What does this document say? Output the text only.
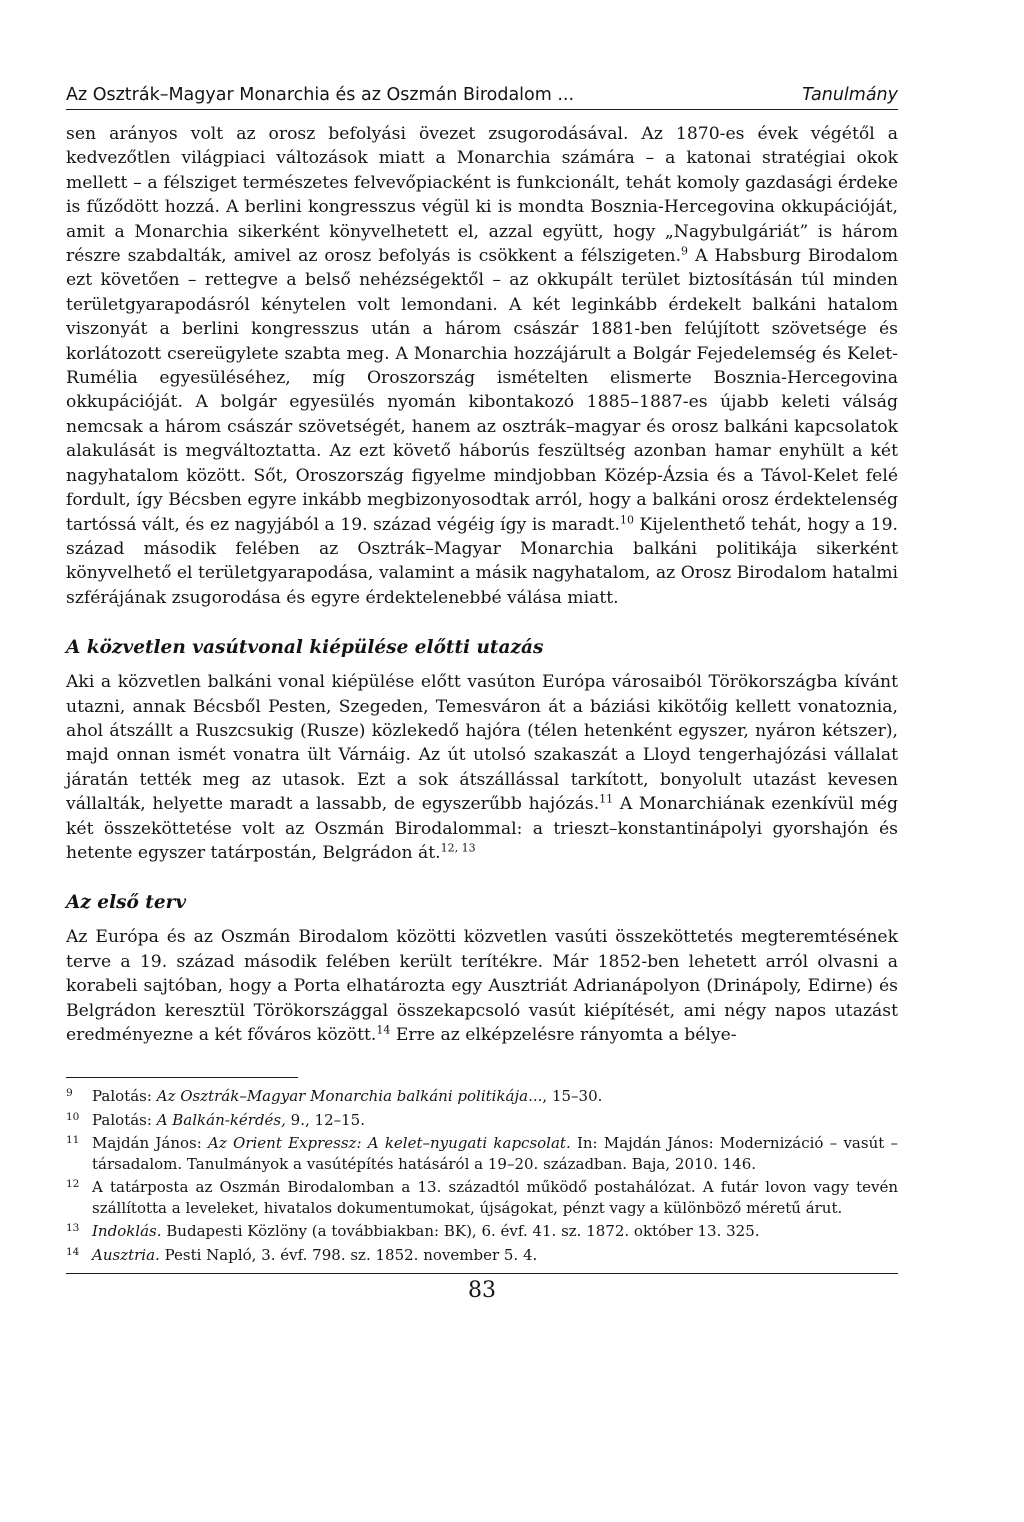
Az Osztrák–Magyar Monarchia és az Oszmán Birodalom ...	Tanulmány

sen arányos volt az orosz befolyási övezet zsugorodásával. Az 1870-es évek végétől a kedvezőtlen világpiaci változások miatt a Monarchia számára – a katonai stratégiai okok mellett – a félsziget természetes felvevőpiacként is funkcionált, tehát komoly gazdasági érdeke is fűződött hozzá. A berlini kongresszus végül ki is mondta Bosznia-Hercegovina okkupációját, amit a Monarchia sikerként könyvelhetett el, azzal együtt, hogy „Nagybulgáriát” is három részre szabdalták, amivel az orosz befolyás is csökkent a félszigeten.$^9$ A Habsburg Birodalom ezt követően – rettegve a belső nehézségektől – az okkupált terület biztosításán túl minden területgyarapodásról kénytelen volt lemondani. A két leginkább érdekelt balkáni hatalom viszonyát a berlini kongresszus után a három császár 1881-ben felújított szövetsége és korlátozott csereügylete szabta meg. A Monarchia hozzájárult a Bolgár Fejedelemség és Kelet-Rumélia egyesüléséhez, míg Oroszország ismételten elismerte Bosznia-Hercegovina okkupációját. A bolgár egyesülés nyomán kibontakozó 1885–1887-es újabb keleti válság nemcsak a három császár szövetségét, hanem az osztrák–magyar és orosz balkáni kapcsolatok alakulását is megváltoztatta. Az ezt követő háborús feszültség azonban hamar enyhült a két nagyhatalom között. Sőt, Oroszország figyelme mindjobban Közép-Ázsia és a Távol-Kelet felé fordult, így Bécsben egyre inkább megbizonyosodtak arról, hogy a balkáni orosz érdektelenség tartóssá vált, és ez nagyjából a 19. század végéig így is maradt.$^{10}$ Kijelenthető tehát, hogy a 19. század második felében az Osztrák–Magyar Monarchia balkáni politikája sikerként könyvelhető el területgyarapodása, valamint a másik nagyhatalom, az Orosz Birodalom hatalmi szférájának zsugorodása és egyre érdektelenebbé válása miatt.

A közvetlen vasútvonal kiépülése előtti utazás

Aki a közvetlen balkáni vonal kiépülése előtt vasúton Európa városaiból Törökországba kívánt utazni, annak Bécsből Pesten, Szegeden, Temesváron át a báziási kikötőig kellett vonatoznia, ahol átszállt a Ruszcsukig (Rusze) közlekedő hajóra (télen hetenként egyszer, nyáron kétszer), majd onnan ismét vonatra ült Várnáig. Az út utolsó szakaszát a Lloyd tengerhajózási vállalat járatán tették meg az utasok. Ezt a sok átszállással tarkított, bonyolult utazást kevesen vállalták, helyette maradt a lassabb, de egyszerűbb hajózás.$^{11}$ A Monarchiának ezenkívül még két összeköttetése volt az Oszmán Birodalommal: a trieszt–konstantinápolyi gyorshajón és hetente egyszer tatárpostán, Belgrádon át.$^{12, 13}$

Az első terv

Az Európa és az Oszmán Birodalom közötti közvetlen vasúti összeköttetés megteremtésének terve a 19. század második felében került terítékre. Már 1852-ben lehetett arról olvasni a korabeli sajtóban, hogy a Porta elhatározta egy Ausztriát Adrianápolyon (Drinápoly, Edirne) és Belgrádon keresztül Törökországgal összekapcsoló vasút kiépítését, ami négy napos utazást eredményezne a két főváros között.$^{14}$ Erre az elképzelésre rányomta a bélye-

9	Palotás: Az Osztrák–Magyar Monarchia balkáni politikája..., 15–30.
10 Palotás: A Balkán-kérdés, 9., 12–15.
11 Majdán János: Az Orient Expressz: A kelet–nyugati kapcsolat. In: Majdán János: Modernizáció – vasút – társadalom. Tanulmányok a vasútépítés hatásáról a 19–20. században. Baja, 2010. 146.
12 A tatárposta az Oszmán Birodalomban a 13. századtól működő postahálózat. A futár lovon vagy tevén szállította a leveleket, hivatalos dokumentumokat, újságokat, pénzt vagy a különböző méretű árut.
13 Indoklás. Budapesti Közlöny (a továbbiakban: BK), 6. évf. 41. sz. 1872. október 13. 325.
14 Ausztria. Pesti Napló, 3. évf. 798. sz. 1852. november 5. 4.
83
